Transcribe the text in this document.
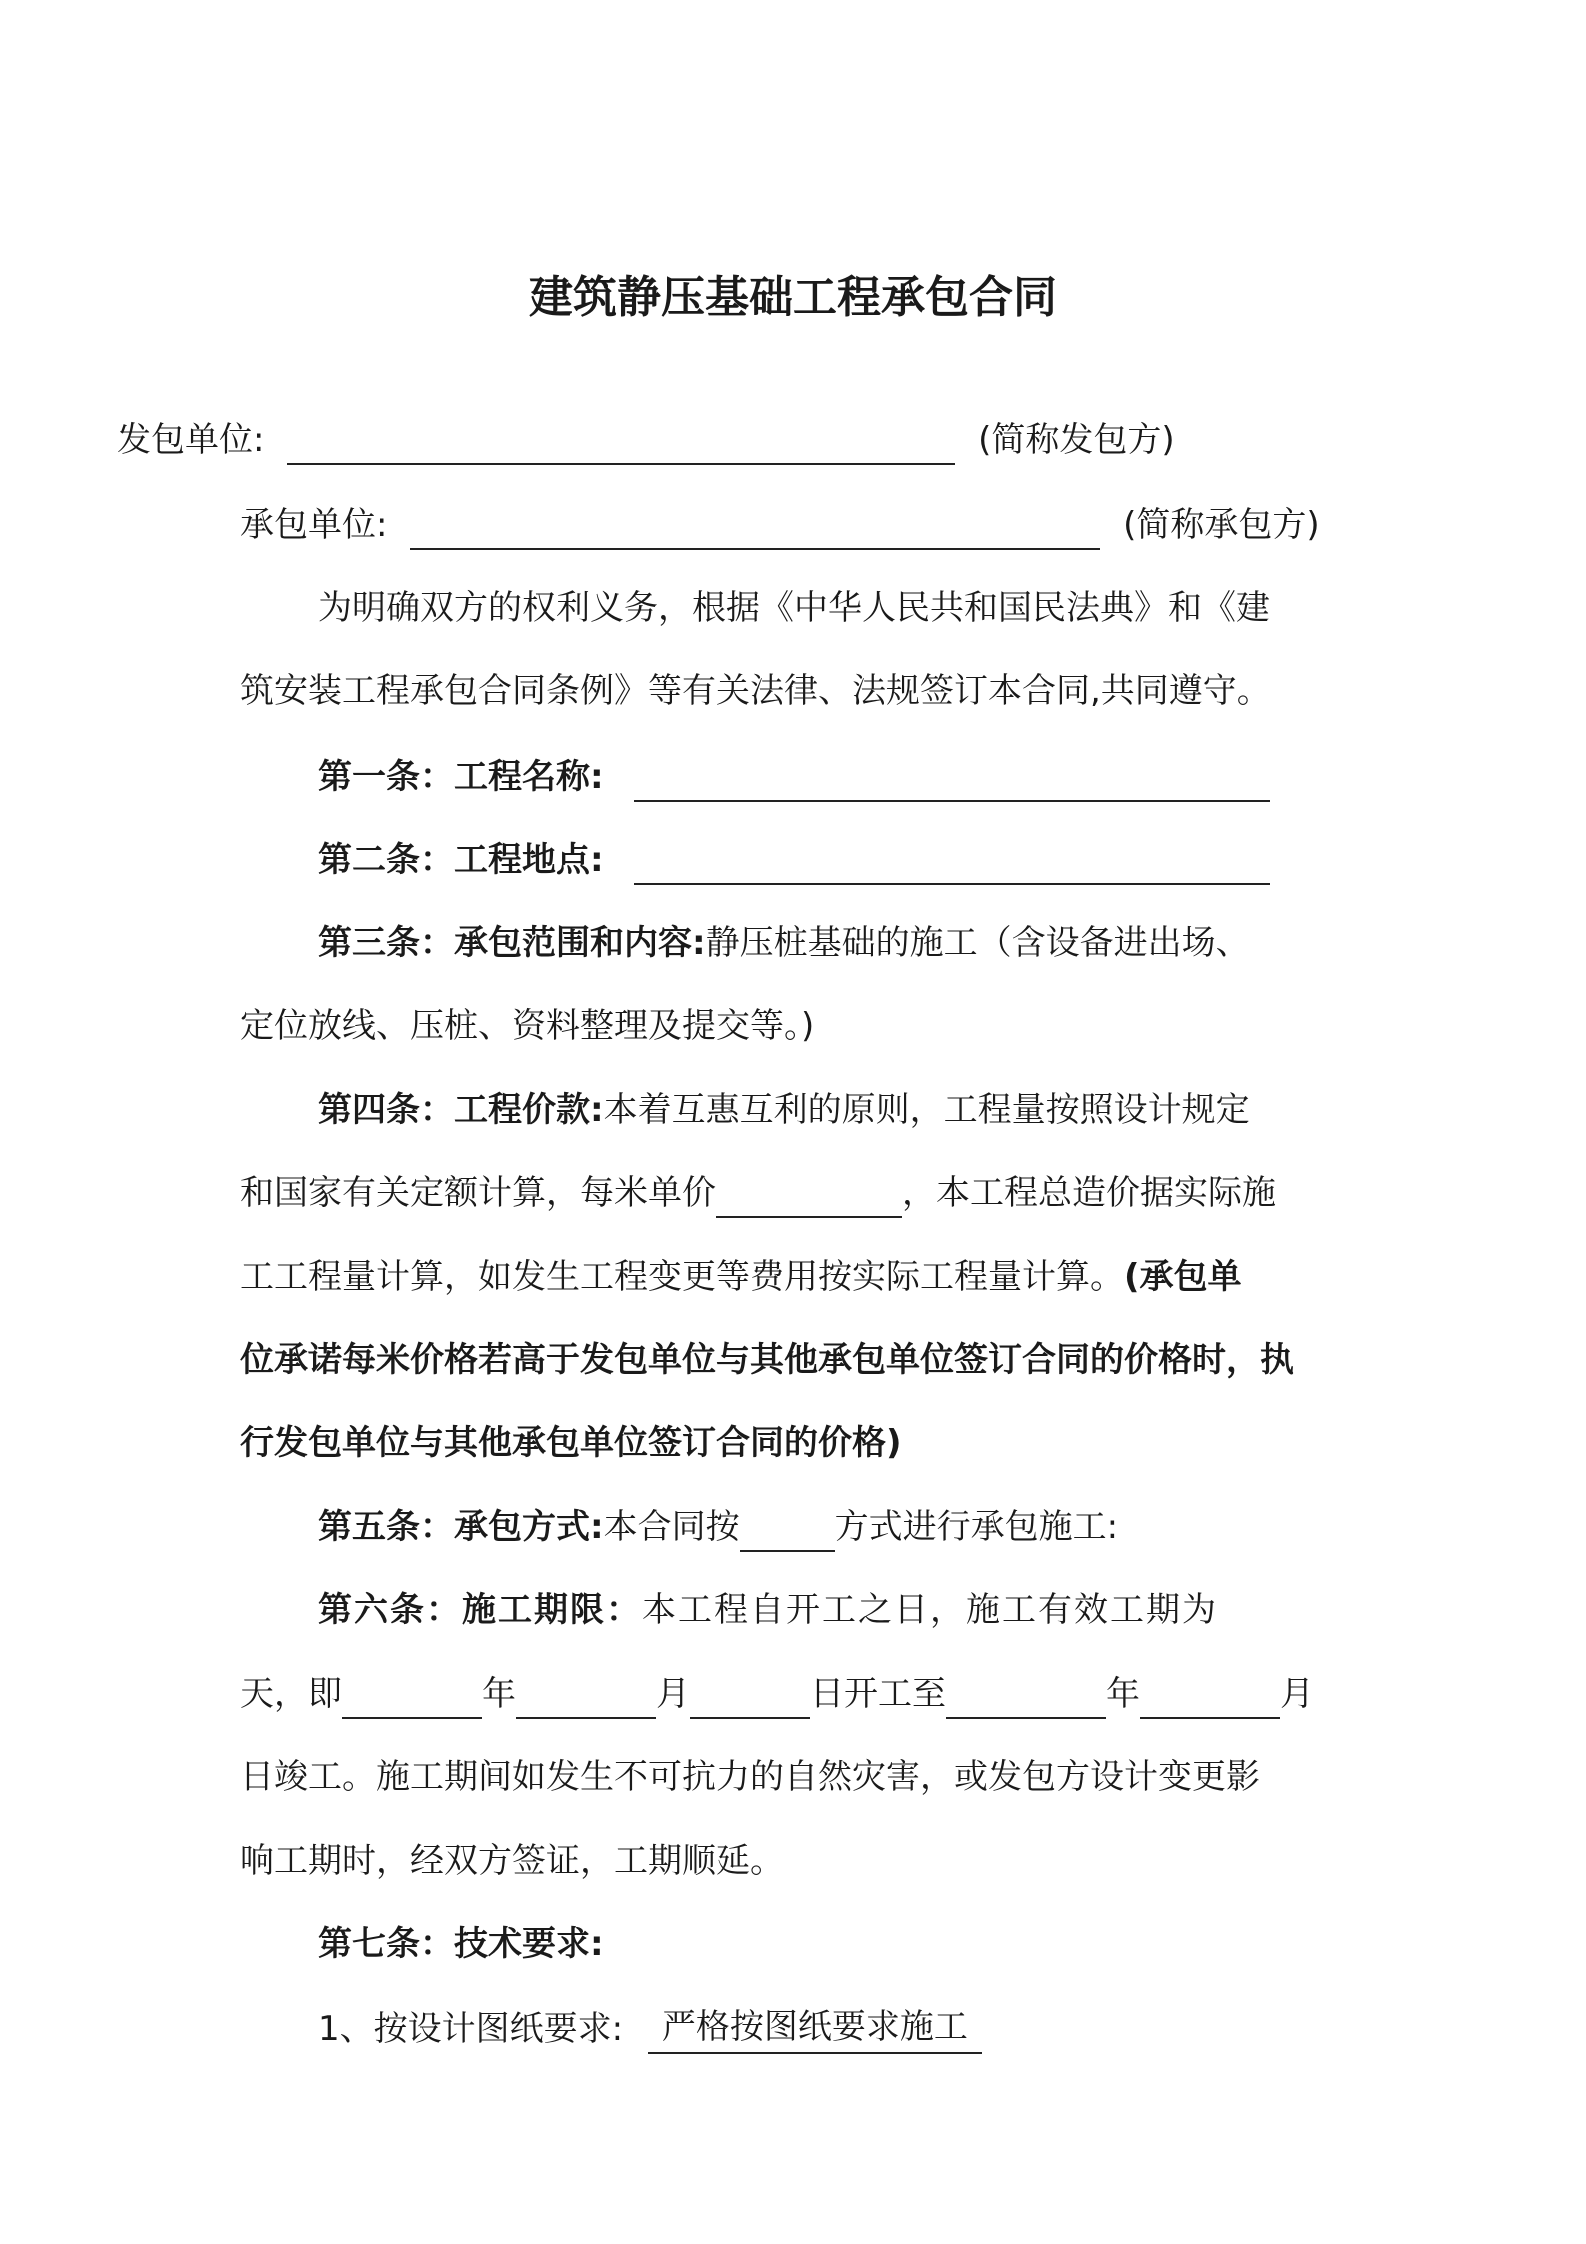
建筑静压基础工程承包合同
发包单位:	(简称发包方)
承包单位:	(简称承包方)
为明确双方的权利义务，根据《中华人民共和国民法典》和《建
筑安装工程承包合同条例》等有关法律、法规签订本合同,共同遵守。
第一条：工程名称:
第二条：工程地点:
第三条：承包范围和内容:静压桩基础的施工（含设备进出场、
定位放线、压桩、资料整理及提交等。)
第四条：工程价款:本着互惠互利的原则，工程量按照设计规定
和国家有关定额计算，每米单价	，本工程总造价据实际施
工工程量计算，如发生工程变更等费用按实际工程量计算。(承包单
位承诺每米价格若高于发包单位与其他承包单位签订合同的价格时，执
行发包单位与其他承包单位签订合同的价格)
第五条：承包方式:本合同按	方式进行承包施工:
第六条：施工期限：本工程自开工之日，施工有效工期为
天，即	年	月	日开工至	年	月
日竣工。施工期间如发生不可抗力的自然灾害，或发包方设计变更影
响工期时，经双方签证，工期顺延。
第七条：技术要求:
1、按设计图纸要求: 严格按图纸要求施工
